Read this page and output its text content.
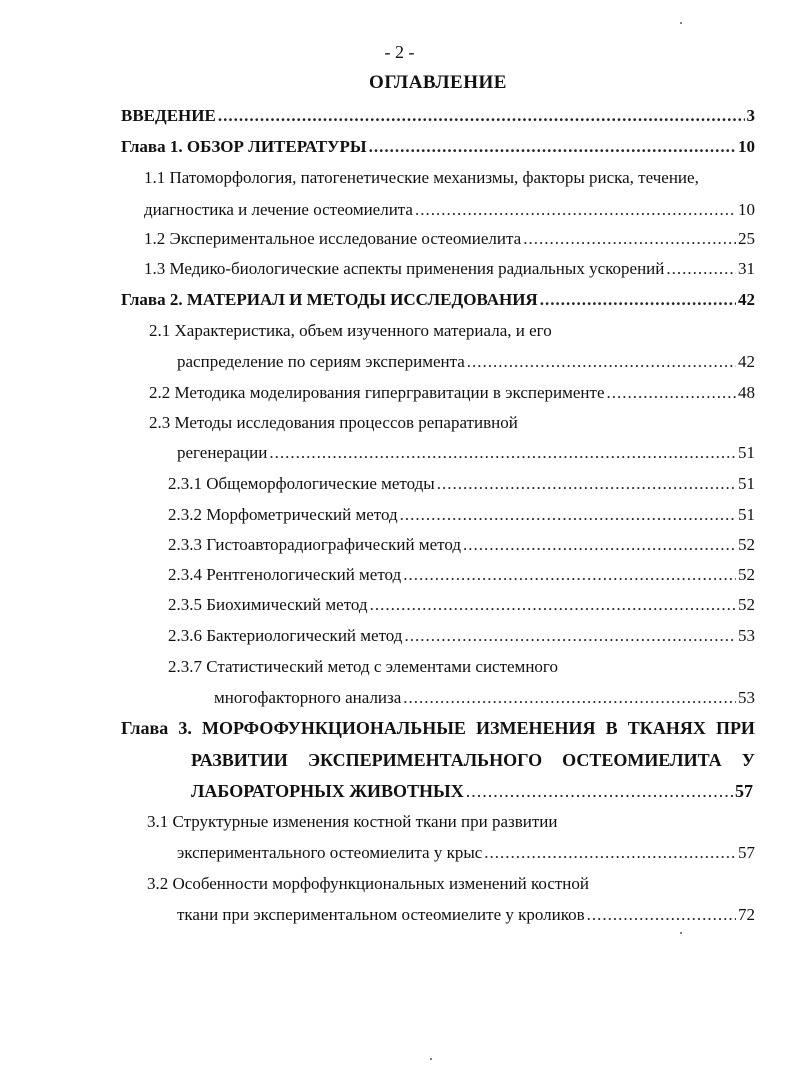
- 2 -
ОГЛАВЛЕНИЕ
ВВЕДЕНИЕ .....	3
Глава 1. ОБЗОР ЛИТЕРАТУРЫ .....	10
1.1 Патоморфология, патогенетические механизмы, факторы риска, течение,
диагностика и лечение остеомиелита .....	10
1.2 Экспериментальное исследование остеомиелита .....	25
1.3 Медико-биологические аспекты применения радиальных ускорений .....	31
Глава 2. МАТЕРИАЛ И МЕТОДЫ ИССЛЕДОВАНИЯ .....	42
2.1 Характеристика, объем изученного материала, и его
распределение по сериям эксперимента .....	42
2.2 Методика моделирования гипергравитации в эксперименте .....	48
2.3 Методы исследования процессов репаративной
регенерации .....	51
2.3.1 Общеморфологические методы .....	51
2.3.2 Морфометрический метод .....	51
2.3.3 Гистоавторадиографический метод .....	52
2.3.4 Рентгенологический метод .....	52
2.3.5 Биохимический метод .....	52
2.3.6 Бактериологический метод .....	53
2.3.7 Статистический метод с элементами системного
многофакторного анализа .....	53
Глава 3. МОРФОФУНКЦИОНАЛЬНЫЕ ИЗМЕНЕНИЯ В ТКАНЯХ ПРИ
РАЗВИТИИ ЭКСПЕРИМЕНТАЛЬНОГО ОСТЕОМИЕЛИТА У
ЛАБОРАТОРНЫХ ЖИВОТНЫХ .....	57
3.1 Структурные изменения костной ткани при развитии
экспериментального остеомиелита у крыс .....	57
3.2 Особенности морфофункциональных изменений костной
ткани при экспериментальном остеомиелите у кроликов .....	72
